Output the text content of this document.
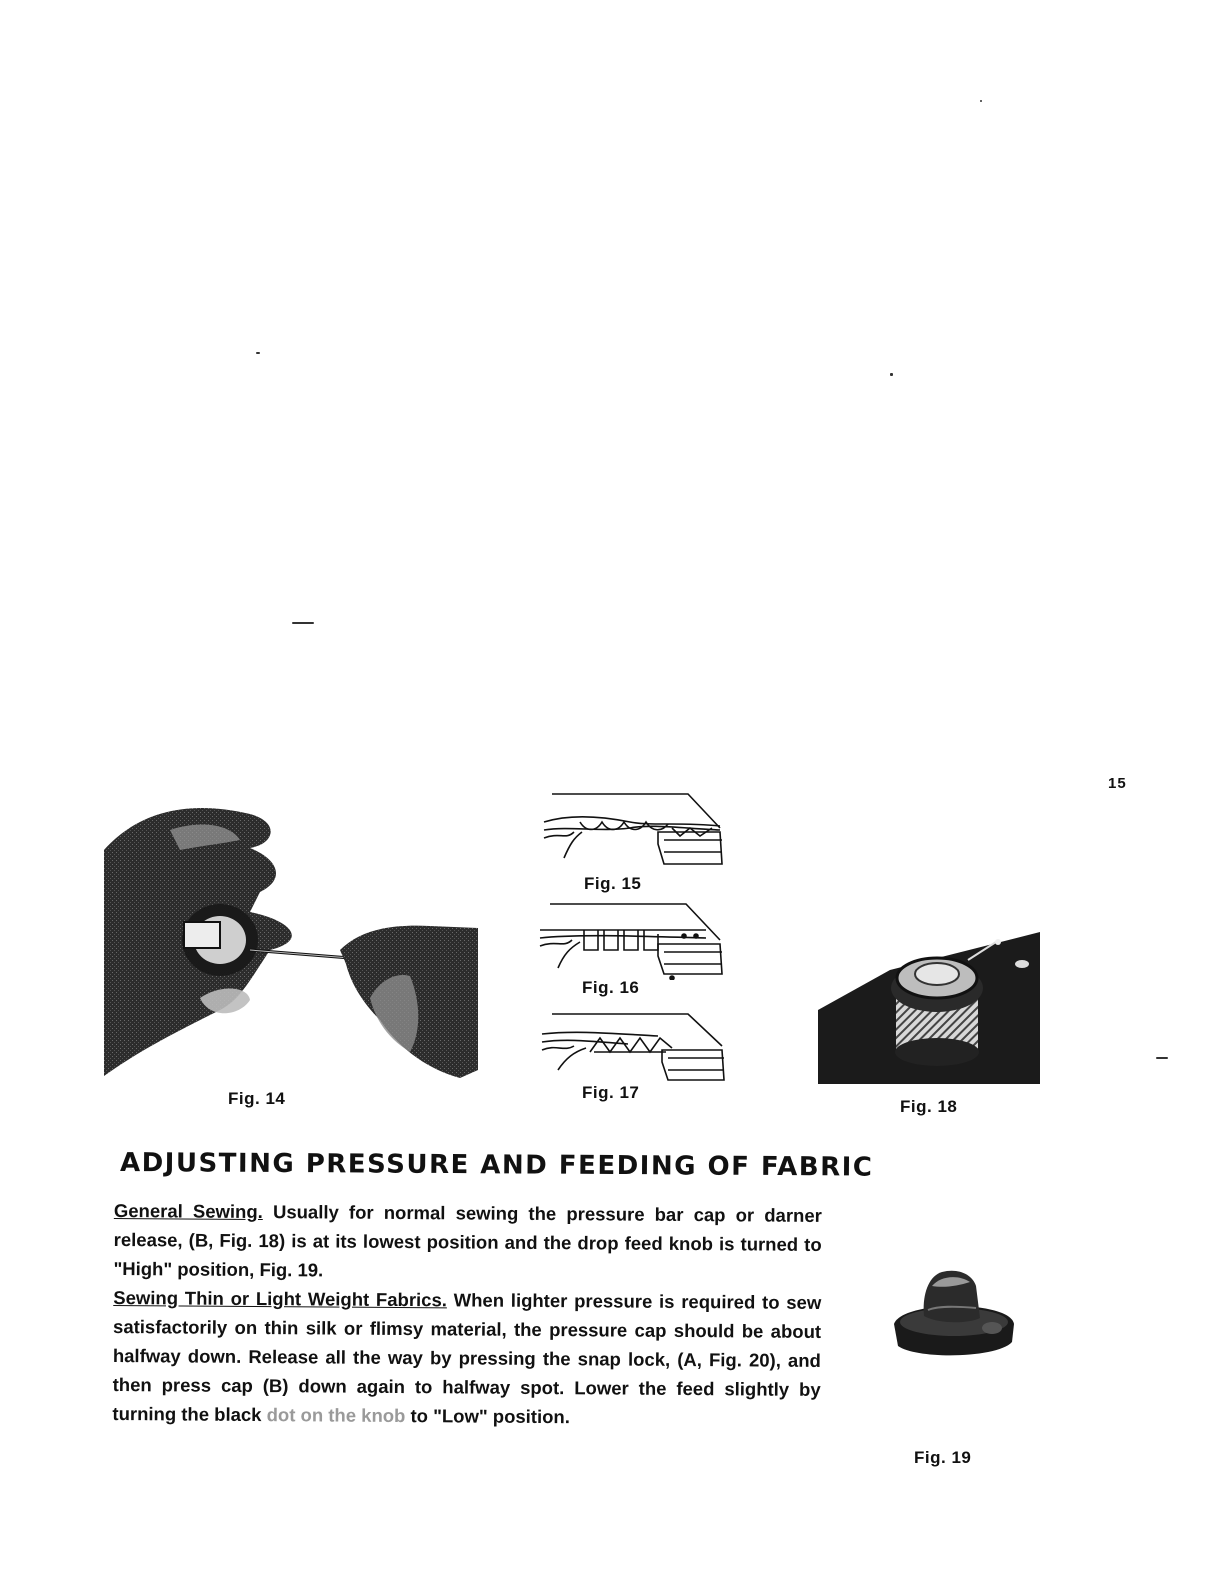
15
Fig. 14
Fig. 15
Fig. 16
Fig. 17
Fig. 18
ADJUSTING PRESSURE AND FEEDING OF FABRIC

General Sewing. Usually for normal sewing the pressure bar cap or darner release, (B, Fig. 18) is at its lowest position and the drop feed knob is turned to "High" position, Fig. 19.

Sewing Thin or Light Weight Fabrics. When lighter pressure is required to sew satisfactorily on thin silk or flimsy material, the pressure cap should be about halfway down. Release all the way by pressing the snap lock, (A, Fig. 20), and then press cap (B) down again to halfway spot. Lower the feed slightly by turning the black dot on the knob to "Low" position.

Fig. 19
